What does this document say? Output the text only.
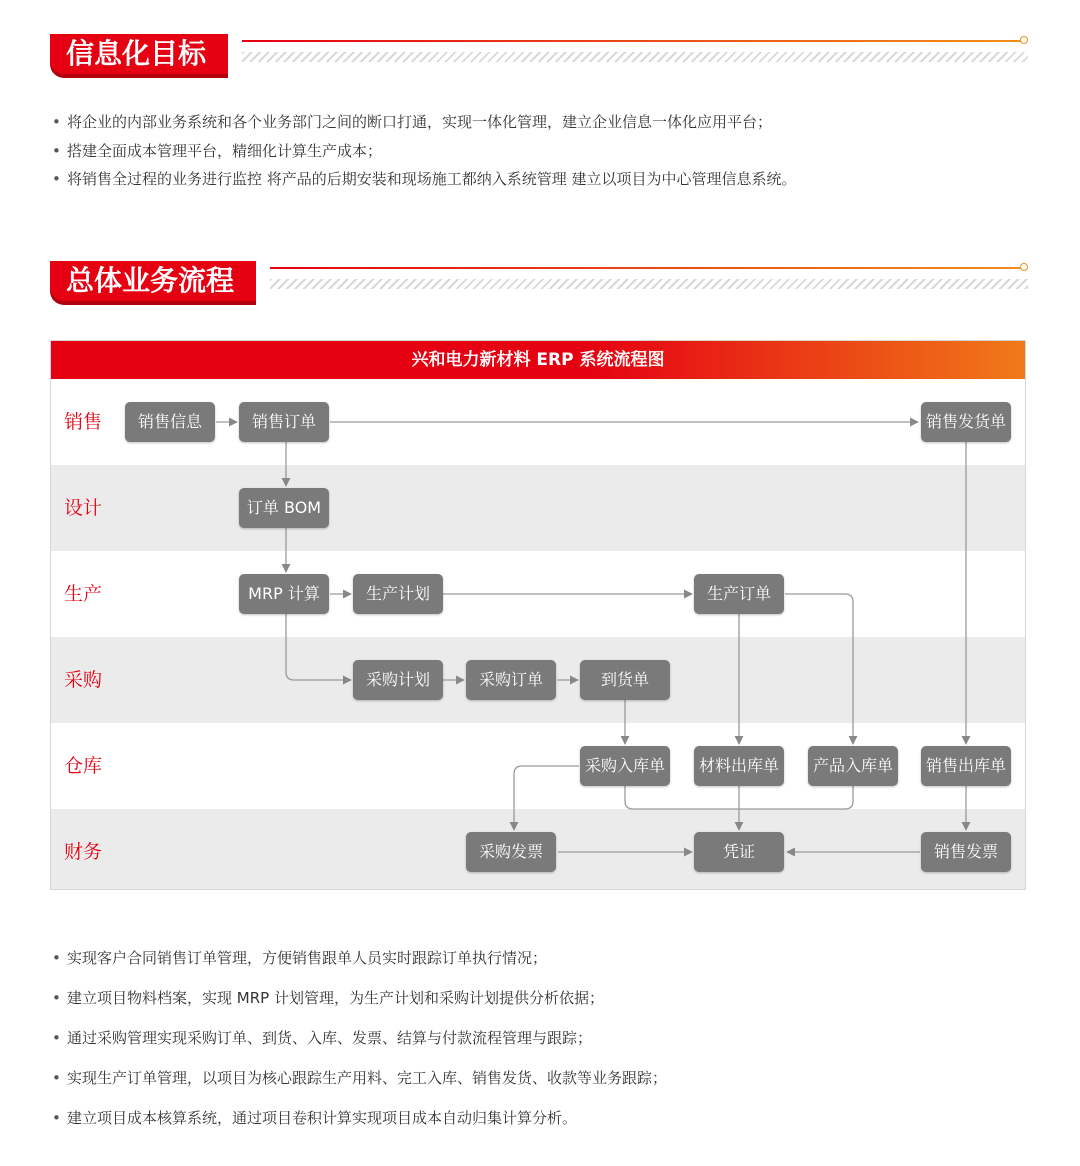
信息化目标
• 将企业的内部业务系统和各个业务部门之间的断口打通，实现一体化管理，建立企业信息一体化应用平台；
• 搭建全面成本管理平台，精细化计算生产成本；
• 将销售全过程的业务进行监控 将产品的后期安装和现场施工都纳入系统管理 建立以项目为中心管理信息系统。
总体业务流程
兴和电力新材料 ERP 系统流程图
销售
设计
生产
采购
仓库
财务
销售信息	销售订单	销售发货单
订单 BOM
MRP 计算	生产计划	生产订单
采购计划	采购订单	到货单
采购入库单	材料出库单	产品入库单	销售出库单
采购发票	凭证	销售发票
• 实现客户合同销售订单管理，方便销售跟单人员实时跟踪订单执行情况；
• 建立项目物料档案，实现 MRP 计划管理，为生产计划和采购计划提供分析依据；
• 通过采购管理实现采购订单、到货、入库、发票、结算与付款流程管理与跟踪；
• 实现生产订单管理，以项目为核心跟踪生产用料、完工入库、销售发货、收款等业务跟踪；
• 建立项目成本核算系统，通过项目卷积计算实现项目成本自动归集计算分析。
